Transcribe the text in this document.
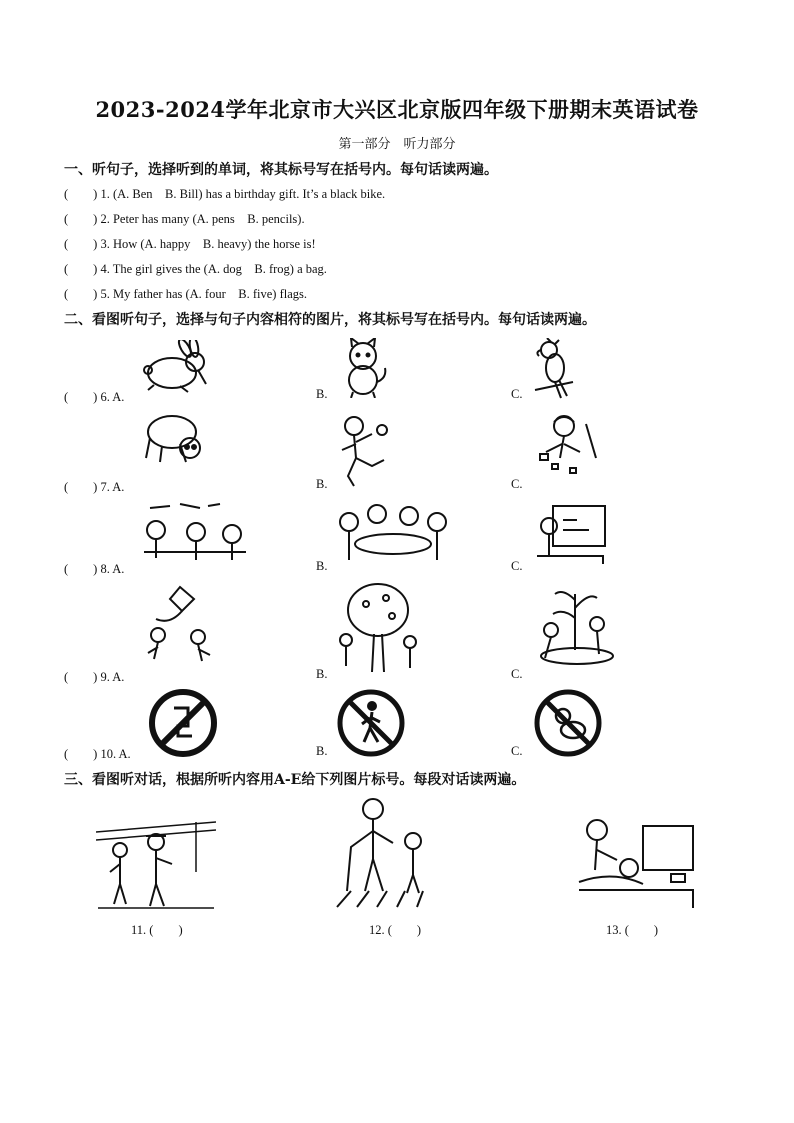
2023-2024学年北京市大兴区北京版四年级下册期末英语试卷
第一部分　听力部分
一、听句子，选择听到的单词，将其标号写在括号内。每句话读两遍。
(　　) 1. (A. Ben　B. Bill) has a birthday gift. It’s a black bike.
(　　) 2. Peter has many (A. pens　B. pencils).
(　　) 3. How (A. happy　B. heavy) the horse is!
(　　) 4. The girl gives the (A. dog　B. frog) a bag.
(　　) 5. My father has (A. four　B. five) flags.
二、看图听句子，选择与句子内容相符的图片，将其标号写在括号内。每句话读两遍。
(　　) 6. A.	B.	C.
(　　) 7. A.	B.	C.
(　　) 8. A.	B.	C.
(　　) 9. A.	B.	C.
(　　) 10. A.	B.	C.
三、看图听对话，根据所听内容用A-E给下列图片标号。每段对话读两遍。
11. (　　)	12. (　　)	13. (　　)
